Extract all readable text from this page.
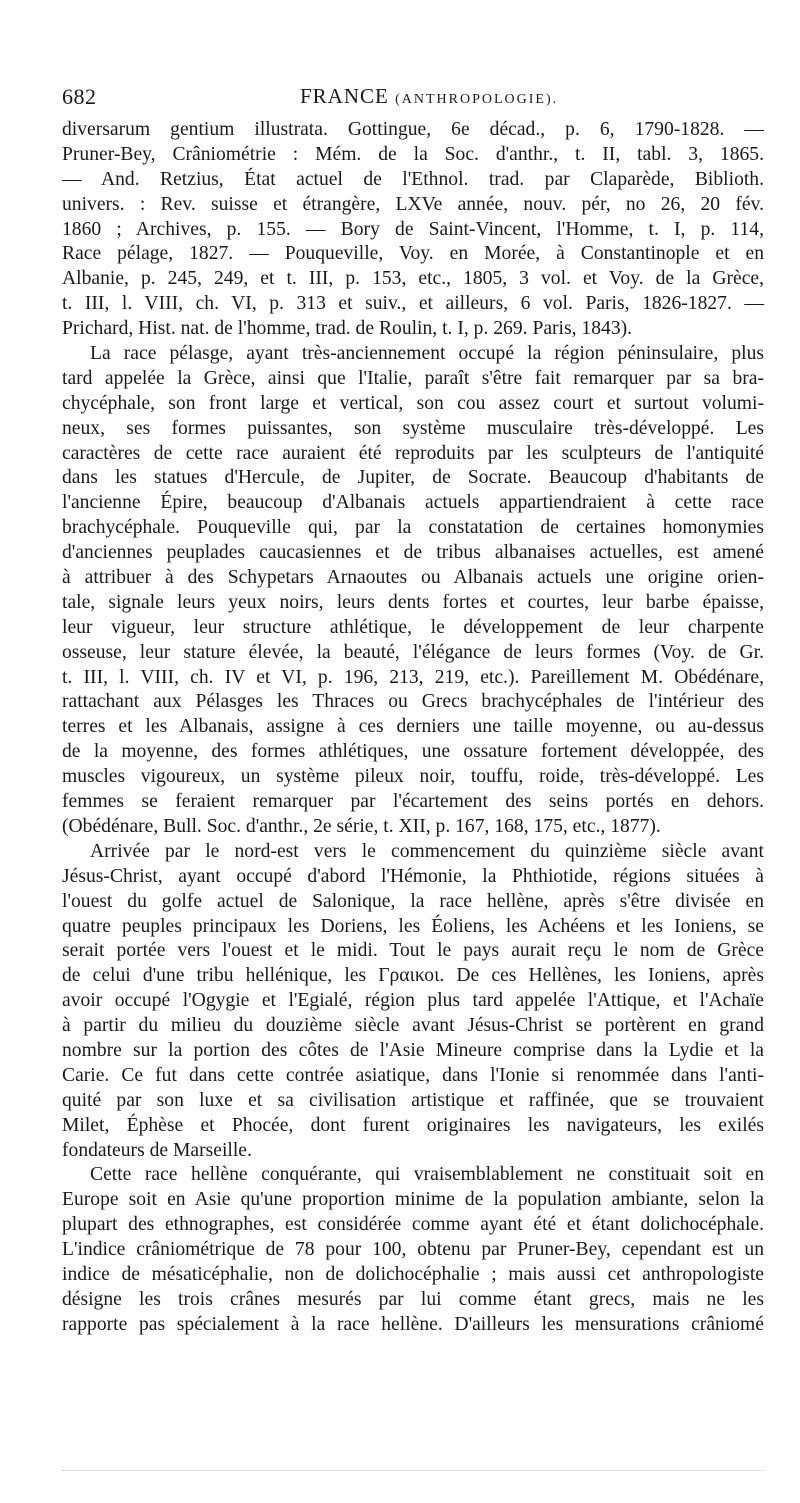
682	FRANCE (ANTHROPOLOGIE).
diversarum gentium illustrata. Gottingue, 6e décad., p. 6, 1790-1828. —
Pruner-Bey, Crâniométrie : Mém. de la Soc. d'anthr., t. II, tabl. 3, 1865.
— And. Retzius, État actuel de l'Ethnol. trad. par Claparède, Biblioth.
univers. : Rev. suisse et étrangère, LXVe année, nouv. pér, no 26, 20 fév.
1860 ; Archives, p. 155. — Bory de Saint-Vincent, l'Homme, t. I, p. 114,
Race pélage, 1827. — Pouqueville, Voy. en Morée, à Constantinople et en
Albanie, p. 245, 249, et t. III, p. 153, etc., 1805, 3 vol. et Voy. de la Grèce,
t. III, l. VIII, ch. VI, p. 313 et suiv., et ailleurs, 6 vol. Paris, 1826-1827. —
Prichard, Hist. nat. de l'homme, trad. de Roulin, t. I, p. 269. Paris, 1843).
La race pélasge, ayant très-anciennement occupé la région péninsulaire, plus
tard appelée la Grèce, ainsi que l'Italie, paraît s'être fait remarquer par sa bra-
chycéphale, son front large et vertical, son cou assez court et surtout volumi-
neux, ses formes puissantes, son système musculaire très-développé. Les
caractères de cette race auraient été reproduits par les sculpteurs de l'antiquité
dans les statues d'Hercule, de Jupiter, de Socrate. Beaucoup d'habitants de
l'ancienne Épire, beaucoup d'Albanais actuels appartiendraient à cette race
brachycéphale. Pouqueville qui, par la constatation de certaines homonymies
d'anciennes peuplades caucasiennes et de tribus albanaises actuelles, est amené
à attribuer à des Schypetars Arnaoutes ou Albanais actuels une origine orien-
tale, signale leurs yeux noirs, leurs dents fortes et courtes, leur barbe épaisse,
leur vigueur, leur structure athlétique, le développement de leur charpente
osseuse, leur stature élevée, la beauté, l'élégance de leurs formes (Voy. de Gr.
t. III, l. VIII, ch. IV et VI, p. 196, 213, 219, etc.). Pareillement M. Obédénare,
rattachant aux Pélasges les Thraces ou Grecs brachycéphales de l'intérieur des
terres et les Albanais, assigne à ces derniers une taille moyenne, ou au-dessus
de la moyenne, des formes athlétiques, une ossature fortement développée, des
muscles vigoureux, un système pileux noir, touffu, roide, très-développé. Les
femmes se feraient remarquer par l'écartement des seins portés en dehors.
(Obédénare, Bull. Soc. d'anthr., 2e série, t. XII, p. 167, 168, 175, etc., 1877).
Arrivée par le nord-est vers le commencement du quinzième siècle avant
Jésus-Christ, ayant occupé d'abord l'Hémonie, la Phthiotide, régions situées à
l'ouest du golfe actuel de Salonique, la race hellène, après s'être divisée en
quatre peuples principaux les Doriens, les Éoliens, les Achéens et les Ioniens, se
serait portée vers l'ouest et le midi. Tout le pays aurait reçu le nom de Grèce
de celui d'une tribu hellénique, les Γραικοι. De ces Hellènes, les Ioniens, après
avoir occupé l'Ogygie et l'Egialé, région plus tard appelée l'Attique, et l'Achaïe
à partir du milieu du douzième siècle avant Jésus-Christ se portèrent en grand
nombre sur la portion des côtes de l'Asie Mineure comprise dans la Lydie et la
Carie. Ce fut dans cette contrée asiatique, dans l'Ionie si renommée dans l'anti-
quité par son luxe et sa civilisation artistique et raffinée, que se trouvaient
Milet, Éphèse et Phocée, dont furent originaires les navigateurs, les exilés
fondateurs de Marseille.
Cette race hellène conquérante, qui vraisemblablement ne constituait soit en
Europe soit en Asie qu'une proportion minime de la population ambiante, selon la
plupart des ethnographes, est considérée comme ayant été et étant dolichocéphale.
L'indice crâniométrique de 78 pour 100, obtenu par Pruner-Bey, cependant est un
indice de mésaticéphalie, non de dolichocéphalie ; mais aussi cet anthropologiste
désigne les trois crânes mesurés par lui comme étant grecs, mais ne les
rapporte pas spécialement à la race hellène. D'ailleurs les mensurations crâniomé
